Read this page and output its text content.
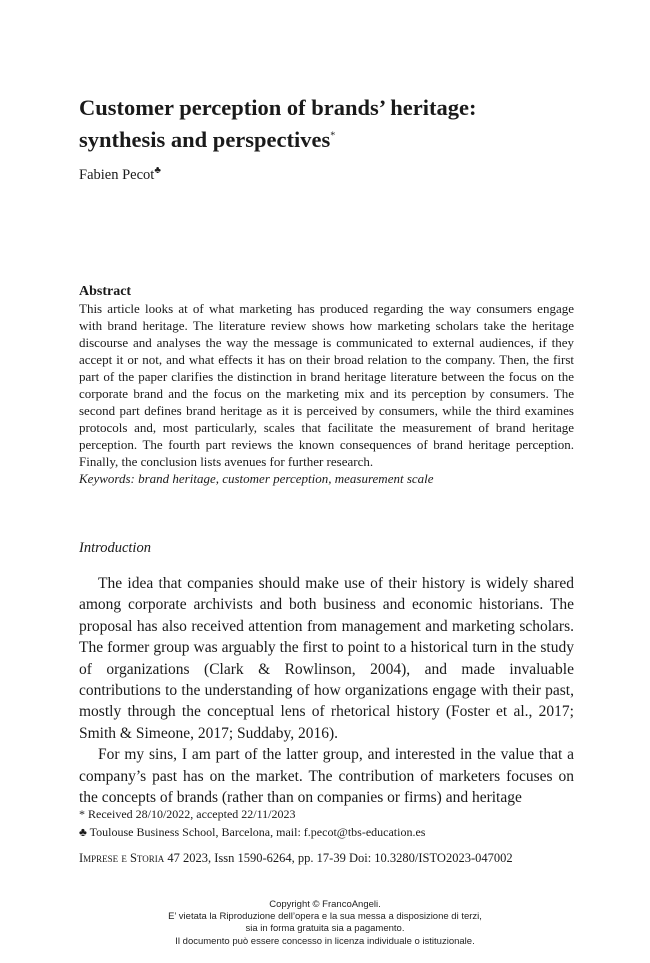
Customer perception of brands’ heritage:
synthesis and perspectives*
Fabien Pecot♣
Abstract

This article looks at of what marketing has produced regarding the way consumers engage with brand heritage. The literature review shows how marketing scholars take the heritage discourse and analyses the way the message is communicated to external audiences, if they accept it or not, and what effects it has on their broad relation to the company. Then, the first part of the paper clarifies the distinction in brand heritage literature between the focus on the corporate brand and the focus on the marketing mix and its perception by consumers. The second part defines brand heritage as it is perceived by consumers, while the third examines protocols and, most particularly, scales that facilitate the measurement of brand heritage perception. The fourth part reviews the known consequences of brand heritage perception. Finally, the conclusion lists avenues for further research.

Keywords: brand heritage, customer perception, measurement scale

Introduction

The idea that companies should make use of their history is widely shared among corporate archivists and both business and economic historians. The proposal has also received attention from management and marketing scholars. The former group was arguably the first to point to a historical turn in the study of organizations (Clark & Rowlinson, 2004), and made invaluable contributions to the understanding of how organizations engage with their past, mostly through the conceptual lens of rhetorical history (Foster et al., 2017; Smith & Simeone, 2017; Suddaby, 2016).

For my sins, I am part of the latter group, and interested in the value that a company’s past has on the market. The contribution of marketers focuses on the concepts of brands (rather than on companies or firms) and heritage

* Received 28/10/2022, accepted 22/11/2023
♣ Toulouse Business School, Barcelona, mail: f.pecot@tbs-education.es
Imprese e Storia 47 2023, Issn 1590-6264, pp. 17-39 Doi: 10.3280/ISTO2023-047002
Copyright © FrancoAngeli.
E’ vietata la Riproduzione dell’opera e la sua messa a disposizione di terzi,
sia in forma gratuita sia a pagamento.
Il documento può essere concesso in licenza individuale o istituzionale.
